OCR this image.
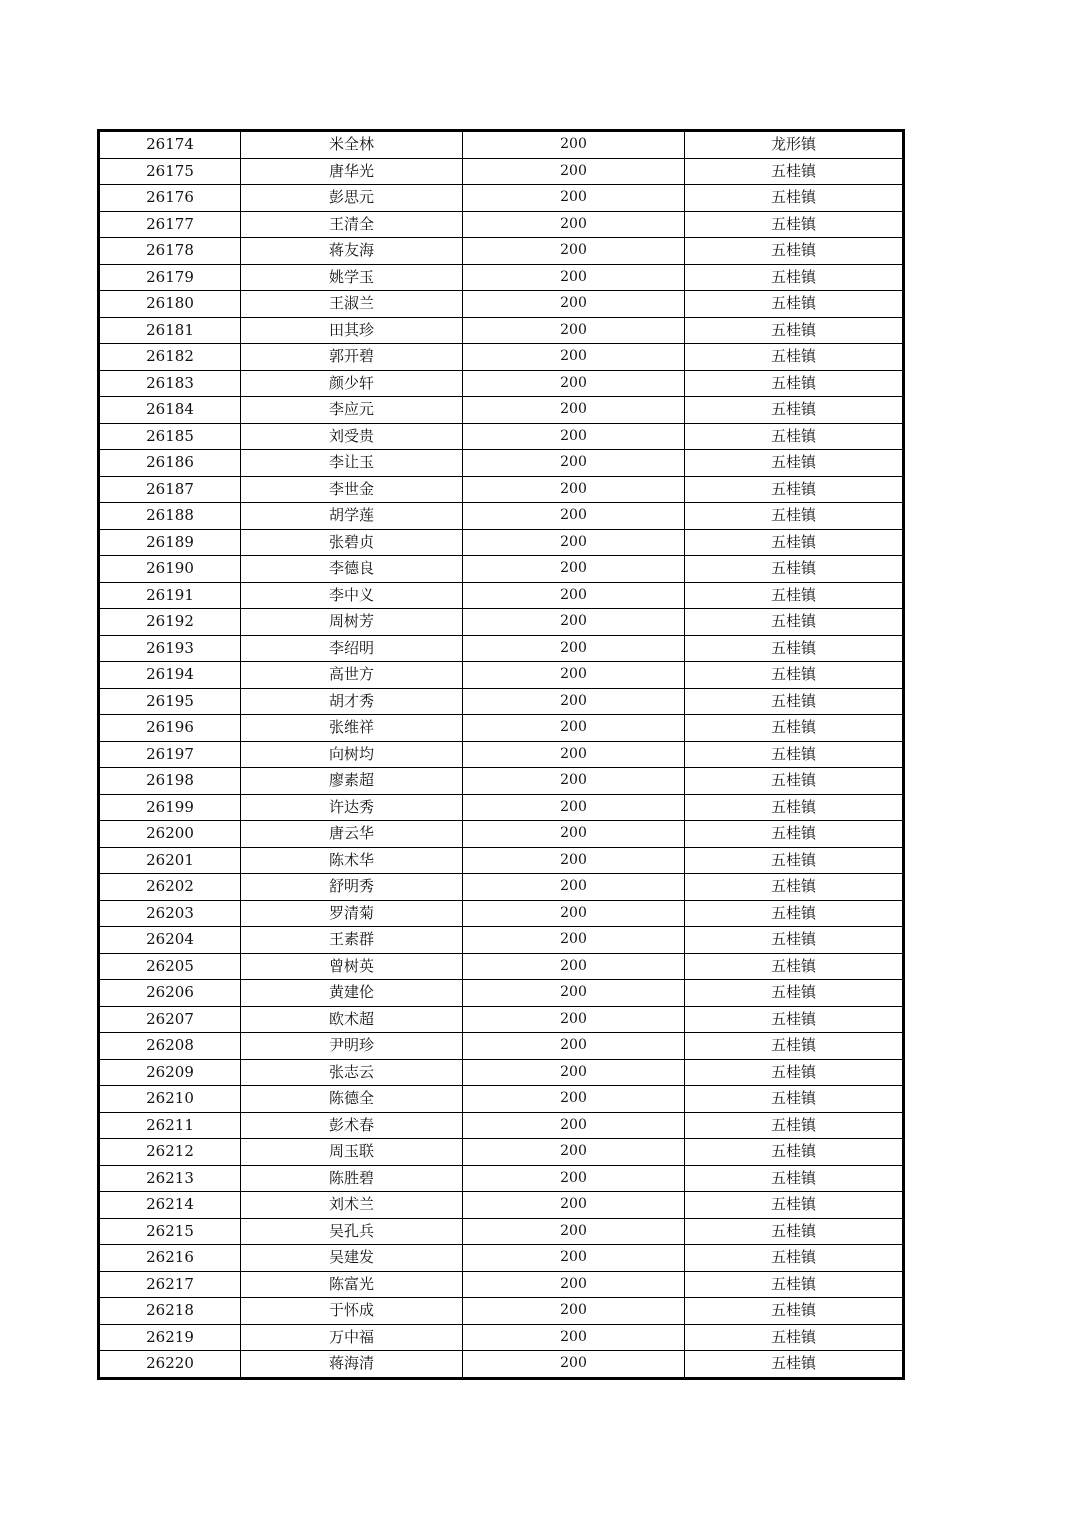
26174	米全林	200	龙形镇
26175	唐华光	200	五桂镇
26176	彭思元	200	五桂镇
26177	王清全	200	五桂镇
26178	蒋友海	200	五桂镇
26179	姚学玉	200	五桂镇
26180	王淑兰	200	五桂镇
26181	田其珍	200	五桂镇
26182	郭开碧	200	五桂镇
26183	颜少轩	200	五桂镇
26184	李应元	200	五桂镇
26185	刘受贵	200	五桂镇
26186	李让玉	200	五桂镇
26187	李世金	200	五桂镇
26188	胡学莲	200	五桂镇
26189	张碧贞	200	五桂镇
26190	李德良	200	五桂镇
26191	李中义	200	五桂镇
26192	周树芳	200	五桂镇
26193	李绍明	200	五桂镇
26194	高世方	200	五桂镇
26195	胡才秀	200	五桂镇
26196	张维祥	200	五桂镇
26197	向树均	200	五桂镇
26198	廖素超	200	五桂镇
26199	许达秀	200	五桂镇
26200	唐云华	200	五桂镇
26201	陈术华	200	五桂镇
26202	舒明秀	200	五桂镇
26203	罗清菊	200	五桂镇
26204	王素群	200	五桂镇
26205	曾树英	200	五桂镇
26206	黄建伦	200	五桂镇
26207	欧术超	200	五桂镇
26208	尹明珍	200	五桂镇
26209	张志云	200	五桂镇
26210	陈德全	200	五桂镇
26211	彭术春	200	五桂镇
26212	周玉联	200	五桂镇
26213	陈胜碧	200	五桂镇
26214	刘术兰	200	五桂镇
26215	吴孔兵	200	五桂镇
26216	吴建发	200	五桂镇
26217	陈富光	200	五桂镇
26218	于怀成	200	五桂镇
26219	万中福	200	五桂镇
26220	蒋海清	200	五桂镇
